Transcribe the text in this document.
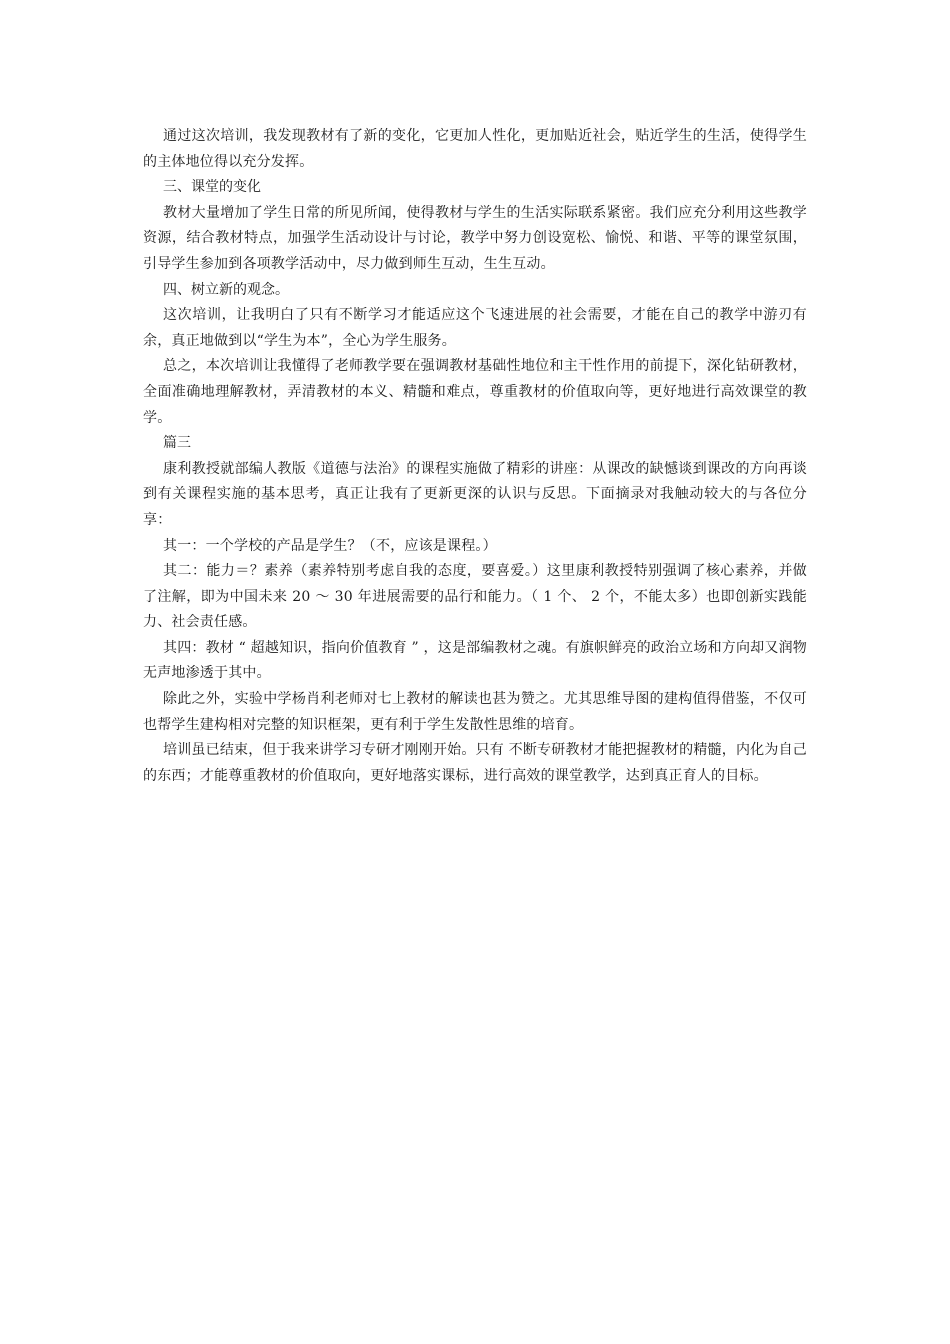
通过这次培训，我发现教材有了新的变化，它更加人性化，更加贴近社会，贴近学生的生活，使得学生的主体地位得以充分发挥。

三、课堂的变化

教材大量增加了学生日常的所见所闻，使得教材与学生的生活实际联系紧密。我们应充分利用这些教学资源，结合教材特点，加强学生活动设计与讨论，教学中努力创设宽松、愉悦、和谐、平等的课堂氛围，引导学生参加到各项教学活动中，尽力做到师生互动，生生互动。

四、树立新的观念。

这次培训，让我明白了只有不断学习才能适应这个飞速进展的社会需要，才能在自己的教学中游刃有余，真正地做到以“学生为本”，全心为学生服务。

总之，本次培训让我懂得了老师教学要在强调教材基础性地位和主干性作用的前提下，深化钻研教材，全面准确地理解教材，弄清教材的本义、精髓和难点，尊重教材的价值取向等，更好地进行高效课堂的教学。

篇三

康利教授就部编人教版《道德与法治》的课程实施做了精彩的讲座：从课改的缺憾谈到课改的方向再谈到有关课程实施的基本思考，真正让我有了更新更深的认识与反思。下面摘录对我触动较大的与各位分享：

其一：一个学校的产品是学生？（不，应该是课程。）

其二：能力＝？素养（素养特别考虑自我的态度，要喜爱。）这里康利教授特别强调了核心素养，并做了注解，即为中国未来 20 ～ 30 年进展需要的品行和能力。（ 1 个、 2 个，不能太多）也即创新实践能力、社会责任感。

其四：教材 “ 超越知识，指向价值教育 ” ，这是部编教材之魂。有旗帜鲜亮的政治立场和方向却又润物无声地渗透于其中。

除此之外，实验中学杨肖利老师对七上教材的解读也甚为赞之。尤其思维导图的建构值得借鉴，不仅可也帮学生建构相对完整的知识框架，更有利于学生发散性思维的培育。

培训虽已结束，但于我来讲学习专研才刚刚开始。只有 不断专研教材才能把握教材的精髓，内化为自己的东西；才能尊重教材的价值取向，更好地落实课标，进行高效的课堂教学，达到真正育人的目标。
